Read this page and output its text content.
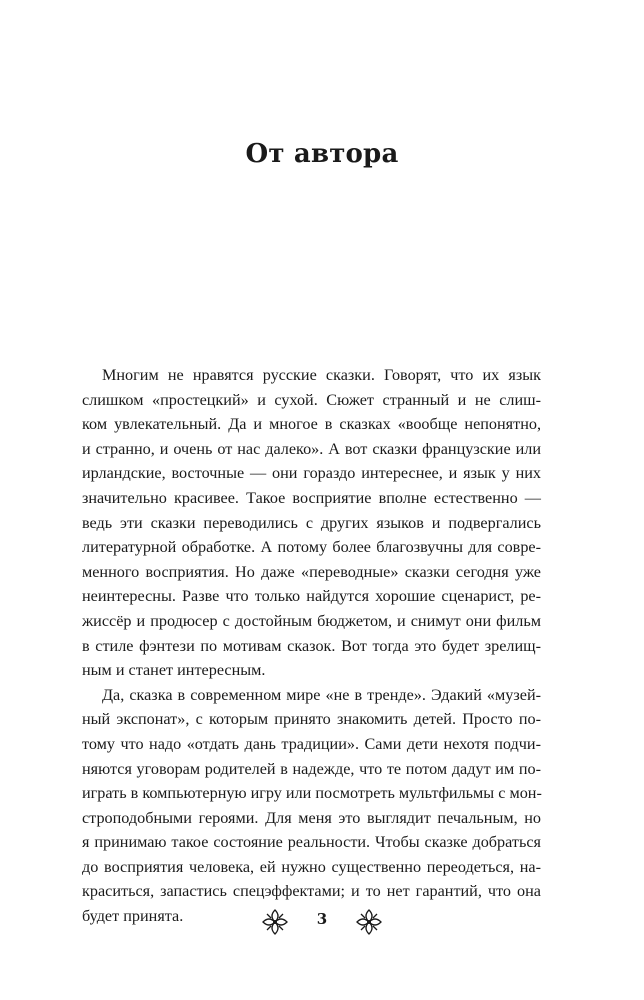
От автора
Многим не нравятся русские сказки. Говорят, что их язык
слишком «простецкий» и сухой. Сюжет странный и не слиш-
ком увлекательный. Да и многое в сказках «вообще непонятно,
и странно, и очень от нас далеко». А вот сказки французские или
ирландские, восточные — они гораздо интереснее, и язык у них
значительно красивее. Такое восприятие вполне естественно —
ведь эти сказки переводились с других языков и подвергались
литературной обработке. А потому более благозвучны для совре-
менного восприятия. Но даже «переводные» сказки сегодня уже
неинтересны. Разве что только найдутся хорошие сценарист, ре-
жиссёр и продюсер с достойным бюджетом, и снимут они фильм
в стиле фэнтези по мотивам сказок. Вот тогда это будет зрелищ-
ным и станет интересным.
Да, сказка в современном мире «не в тренде». Эдакий «музей-
ный экспонат», с которым принято знакомить детей. Просто по-
тому что надо «отдать дань традиции». Сами дети нехотя подчи-
няются уговорам родителей в надежде, что те потом дадут им по-
играть в компьютерную игру или посмотреть мультфильмы с мон-
строподобными героями. Для меня это выглядит печальным, но
я принимаю такое состояние реальности. Чтобы сказке добраться
до восприятия человека, ей нужно существенно переодеться, на-
краситься, запастись спецэффектами; и то нет гарантий, что она
будет принята.	3
